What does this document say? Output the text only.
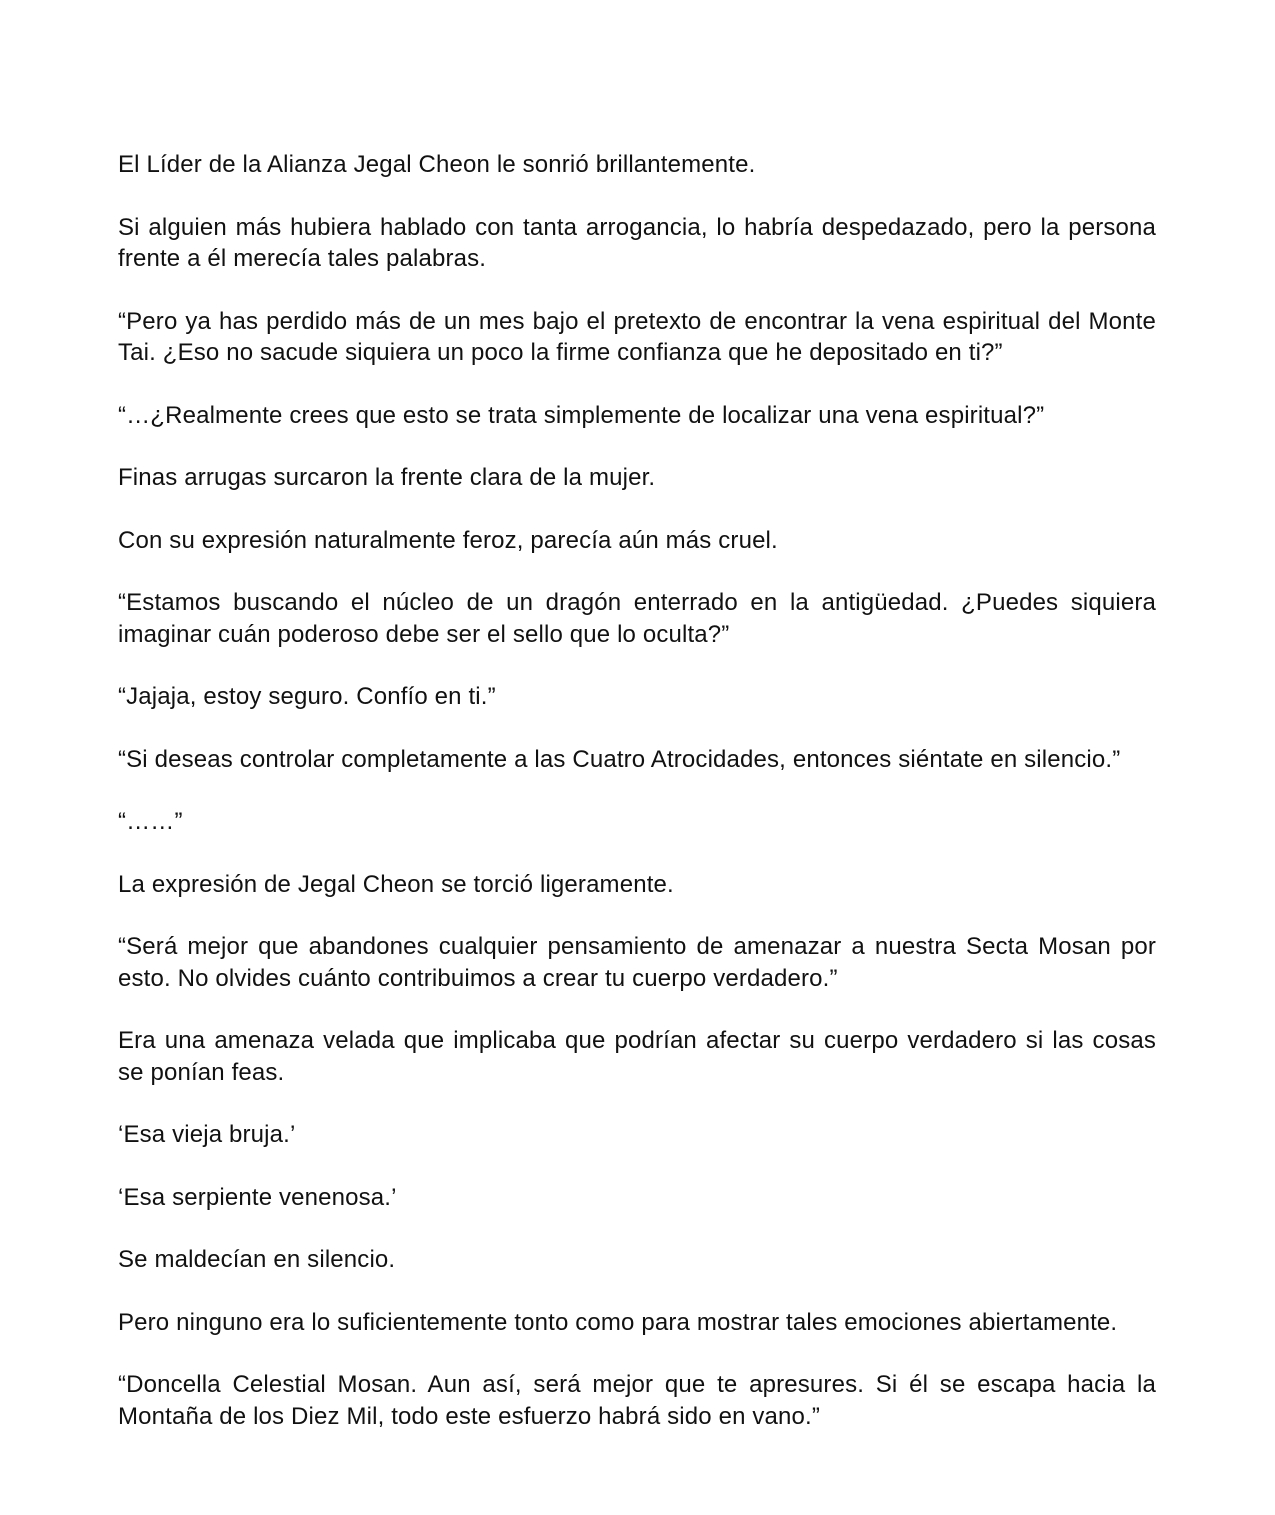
El Líder de la Alianza Jegal Cheon le sonrió brillantemente.

Si alguien más hubiera hablado con tanta arrogancia, lo habría despedazado, pero la persona frente a él merecía tales palabras.

“Pero ya has perdido más de un mes bajo el pretexto de encontrar la vena espiritual del Monte Tai. ¿Eso no sacude siquiera un poco la firme confianza que he depositado en ti?”

“…¿Realmente crees que esto se trata simplemente de localizar una vena espiritual?”

Finas arrugas surcaron la frente clara de la mujer.

Con su expresión naturalmente feroz, parecía aún más cruel.

“Estamos buscando el núcleo de un dragón enterrado en la antigüedad. ¿Puedes siquiera imaginar cuán poderoso debe ser el sello que lo oculta?”

“Jajaja, estoy seguro. Confío en ti.”

“Si deseas controlar completamente a las Cuatro Atrocidades, entonces siéntate en silencio.”

“……”

La expresión de Jegal Cheon se torció ligeramente.

“Será mejor que abandones cualquier pensamiento de amenazar a nuestra Secta Mosan por esto. No olvides cuánto contribuimos a crear tu cuerpo verdadero.”

Era una amenaza velada que implicaba que podrían afectar su cuerpo verdadero si las cosas se ponían feas.

‘Esa vieja bruja.’

‘Esa serpiente venenosa.’

Se maldecían en silencio.

Pero ninguno era lo suficientemente tonto como para mostrar tales emociones abiertamente.

“Doncella Celestial Mosan. Aun así, será mejor que te apresures. Si él se escapa hacia la Montaña de los Diez Mil, todo este esfuerzo habrá sido en vano.”
